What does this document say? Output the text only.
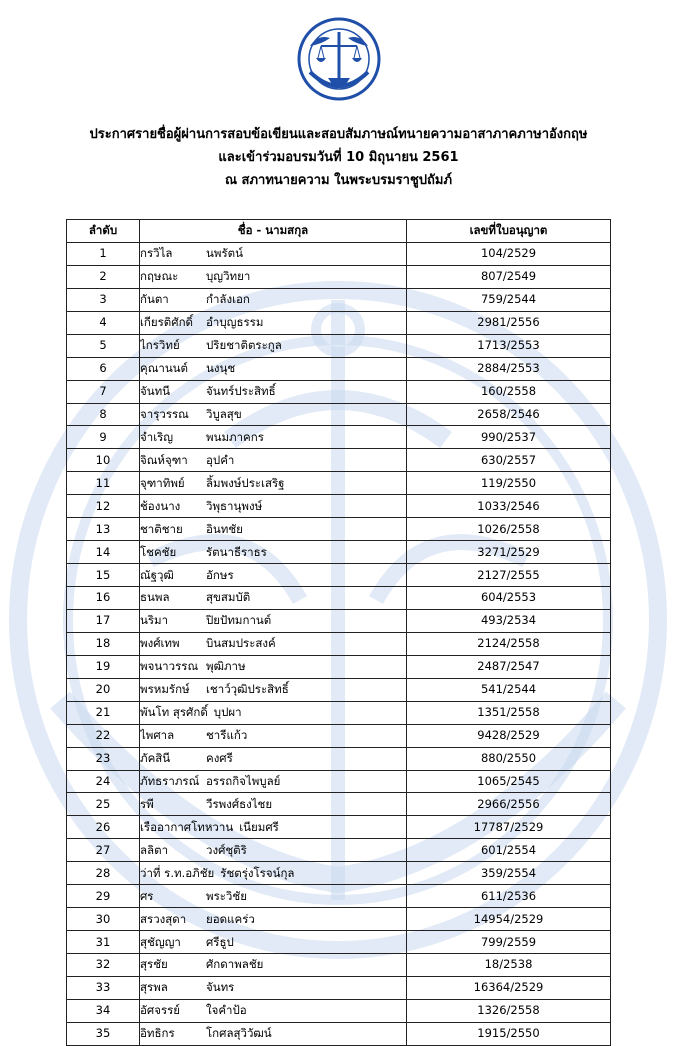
ประกาศรายชื่อผู้ผ่านการสอบข้อเขียนและสอบสัมภาษณ์ทนายความอาสาภาคภาษาอังกฤษ
และเข้าร่วมอบรมวันที่ 10 มิถุนายน 2561
ณ สภาทนายความ ในพระบรมราชูปถัมภ์
ลำดับ	ชื่อ - นามสกุล	เลขที่ใบอนุญาต
1	กรวิไล นพรัตน์	104/2529
2	กฤษณะ บุญวิทยา	807/2549
3	กันตา กำลังเอก	759/2544
4	เกียรติศักดิ์ อำบุญธรรม	2981/2556
5	ไกรวิทย์ ปริยชาติตระกูล	1713/2553
6	คุณานนต์ นงนุช	2884/2553
7	จันทนี จันทร์ประสิทธิ์	160/2558
8	จารุวรรณ วิบูลสุข	2658/2546
9	จำเริญ พนมภาคกร	990/2537
10	จิณห์จุฑา อุปคำ	630/2557
11	จุฑาทิพย์ ลิ้มพงษ์ประเสริฐ	119/2550
12	ช้องนาง วิพุธานุพงษ์	1033/2546
13	ชาติชาย อินทชัย	1026/2558
14	โชคชัย รัตนาธีราธร	3271/2529
15	ณัฐวุฒิ อักษร	2127/2555
16	ธนพล สุขสมบัติ	604/2553
17	นริมา ปิยปัทมกานต์	493/2534
18	พงศ์เทพ บินสมประสงค์	2124/2558
19	พจนาวรรณ พุฒิภาษ	2487/2547
20	พรหมรักษ์ เชาว์วุฒิประสิทธิ์	541/2544
21	พันโท สุรศักดิ์ บุปผา	1351/2558
22	ไพศาล ชารีแก้ว	9428/2529
23	ภัคสินี คงศรี	880/2550
24	ภัทธราภรณ์ อรรถกิจไพบูลย์	1065/2545
25	รพี วีรพงศ์ธงไชย	2966/2556
26	เรืออากาศโทหวาน เนียมศรี	17787/2529
27	ลลิตา วงศ์ชุติริ	601/2554
28	ว่าที่ ร.ท.อภิชัย รัชตรุ่งโรจน์กุล	359/2554
29	ศร พระวิชัย	611/2536
30	สรวงสุดา ยอดแคร่ว	14954/2529
31	สุชัญญา ศรีธูป	799/2559
32	สุรชัย ศักดาพลชัย	18/2538
33	สุรพล จันทร	16364/2529
34	อัศจรรย์ ใจคำป้อ	1326/2558
35	อิทธิกร โกศลสุวิวัฒน์	1915/2550
